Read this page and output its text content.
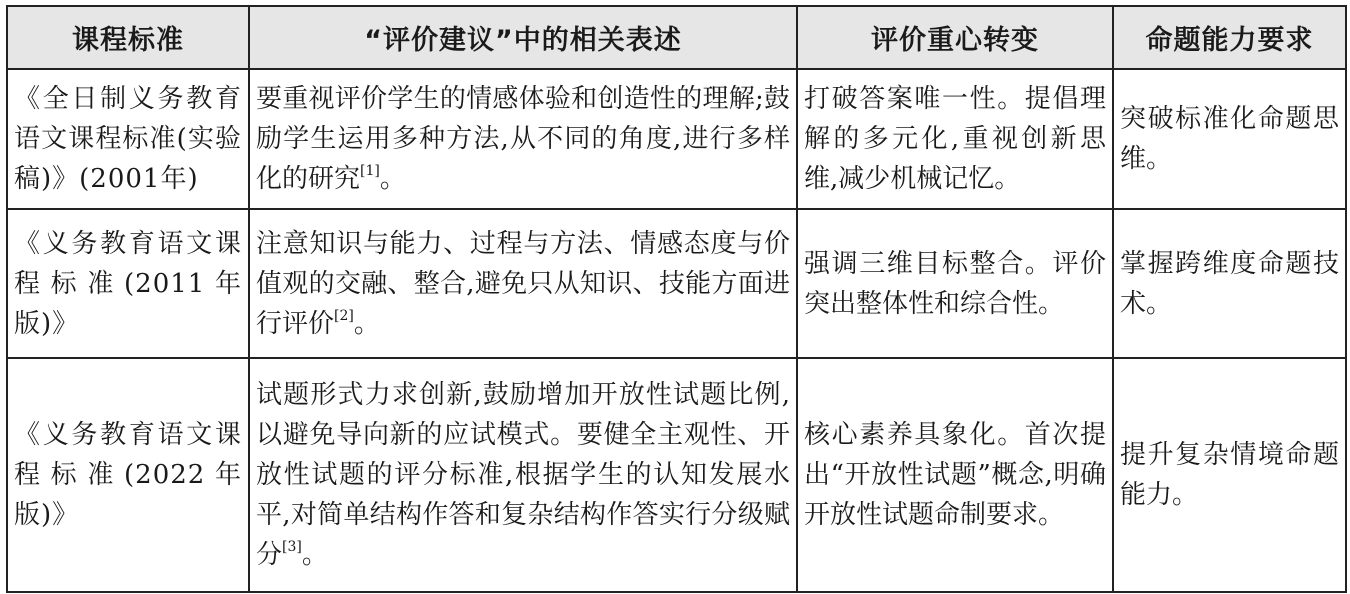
课程标准	“评价建议”中的相关表述	评价重心转变	命题能力要求
《全日制义务教育语文课程标准(实验稿)》(2001年)	要重视评价学生的情感体验和创造性的理解;鼓励学生运用多种方法,从不同的角度,进行多样化的研究[1]。	打破答案唯一性。提倡理解的多元化,重视创新思维,减少机械记忆。	突破标准化命题思维。
《义务教育语文课程标准(2011年版)》	注意知识与能力、过程与方法、情感态度与价值观的交融、整合,避免只从知识、技能方面进行评价[2]。	强调三维目标整合。评价突出整体性和综合性。	掌握跨维度命题技术。
《义务教育语文课程标准(2022年版)》	试题形式力求创新,鼓励增加开放性试题比例,以避免导向新的应试模式。要健全主观性、开放性试题的评分标准,根据学生的认知发展水平,对简单结构作答和复杂结构作答实行分级赋分[3]。	核心素养具象化。首次提出“开放性试题”概念,明确开放性试题命制要求。	提升复杂情境命题能力。
